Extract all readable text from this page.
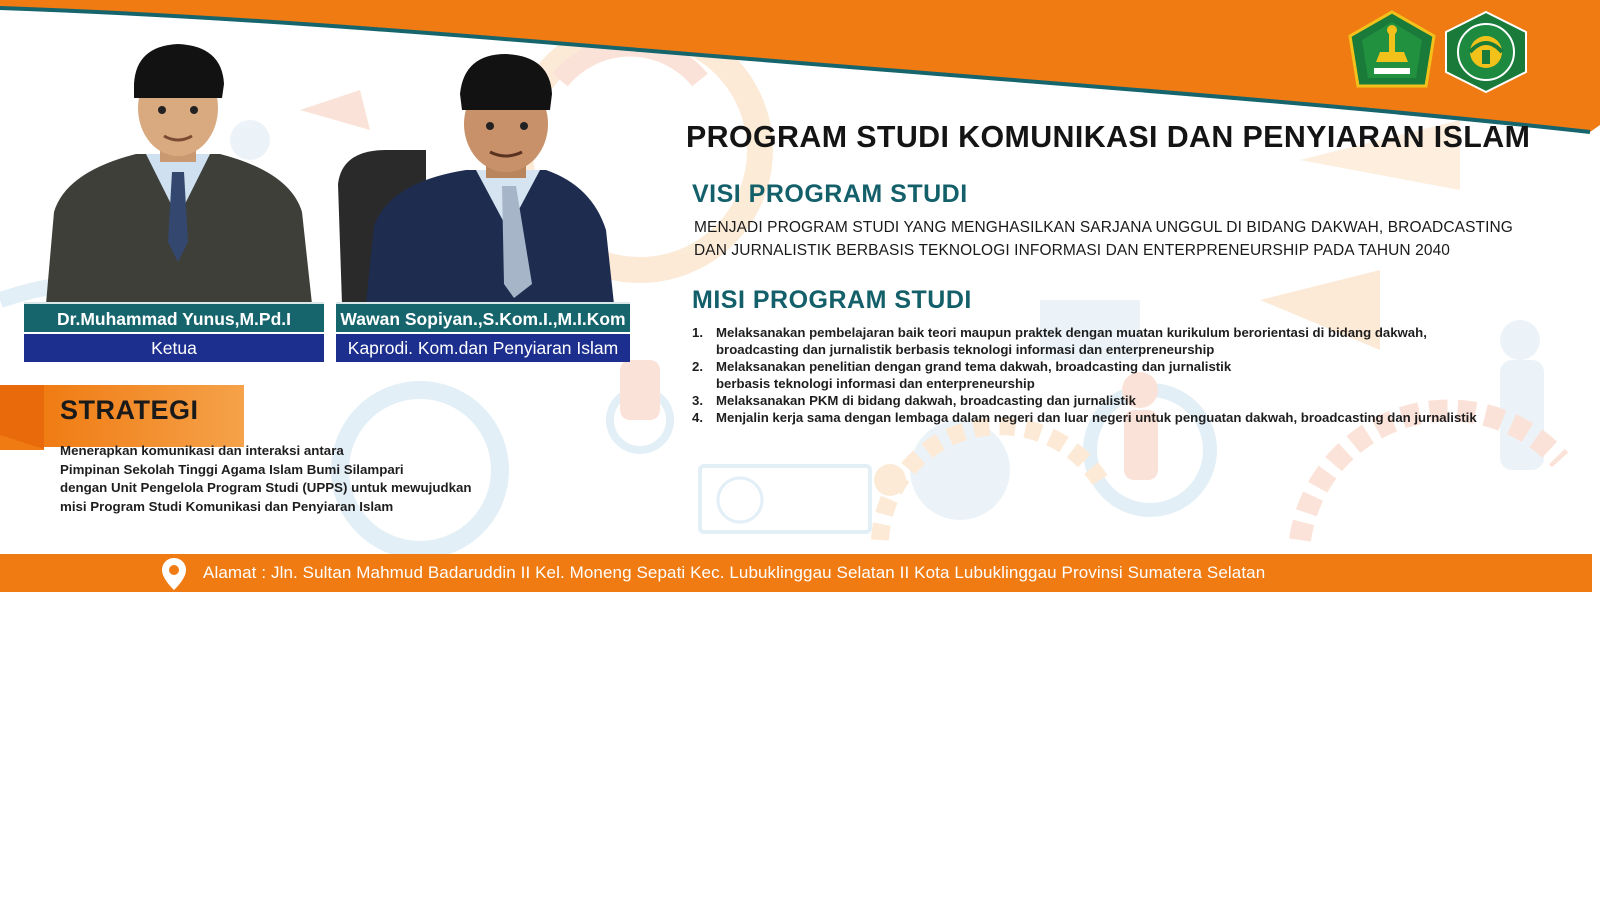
PROGRAM STUDI KOMUNIKASI DAN PENYIARAN ISLAM
VISI PROGRAM STUDI
MENJADI PROGRAM STUDI YANG MENGHASILKAN SARJANA UNGGUL DI BIDANG DAKWAH, BROADCASTING
DAN JURNALISTIK BERBASIS TEKNOLOGI INFORMASI DAN ENTERPRENEURSHIP PADA TAHUN 2040
MISI PROGRAM STUDI
1. Melaksanakan pembelajaran baik teori maupun praktek dengan muatan kurikulum berorientasi di bidang dakwah,
broadcasting dan jurnalistik berbasis teknologi informasi dan enterpreneurship
2. Melaksanakan penelitian dengan grand tema dakwah, broadcasting dan jurnalistik
berbasis teknologi informasi dan enterpreneurship
3. Melaksanakan PKM di bidang dakwah, broadcasting dan jurnalistik
4. Menjalin kerja sama dengan lembaga dalam negeri dan luar negeri untuk penguatan dakwah, broadcasting dan jurnalistik
Dr.Muhammad Yunus,M.Pd.I
Ketua
Wawan Sopiyan.,S.Kom.I.,M.I.Kom
Kaprodi. Kom.dan Penyiaran Islam
STRATEGI
Menerapkan komunikasi dan interaksi antara
Pimpinan Sekolah Tinggi Agama Islam Bumi Silampari
dengan Unit Pengelola Program Studi (UPPS) untuk mewujudkan
misi Program Studi Komunikasi dan Penyiaran Islam
Alamat : Jln. Sultan Mahmud Badaruddin II Kel. Moneng Sepati Kec. Lubuklinggau Selatan II Kota Lubuklinggau Provinsi Sumatera Selatan
